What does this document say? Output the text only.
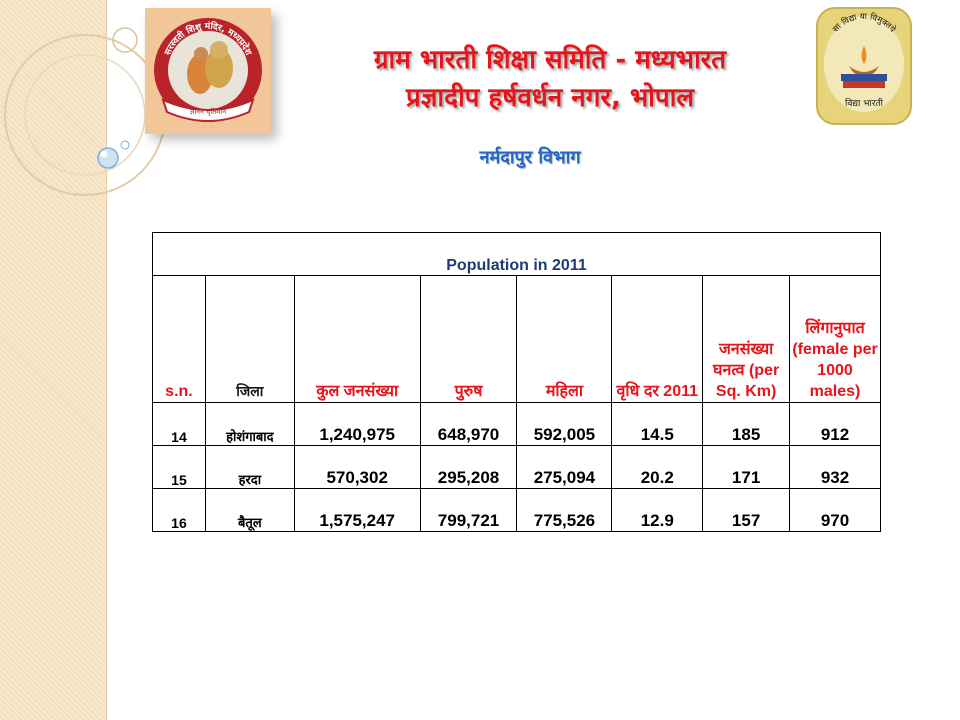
सरस्वती शिशु मंदिर, मध्यप्रदेश
ज्ञानेन धृतिमान
ग्राम भारती शिक्षा समिति - मध्यभारत
प्रज्ञादीप हर्षवर्धन नगर, भोपाल
सा विद्या या विमुक्तये
विद्या भारती
नर्मदापुर विभाग
Population in 2011							
s.n.	जिला	कुल जनसंख्या	पुरुष	महिला	वृधि दर 2011	जनसंख्या घनत्व (per Sq. Km)	लिंगानुपात (female per 1000 males)
14	होशंगाबाद	1,240,975	648,970	592,005	14.5	185	912
15	हरदा	570,302	295,208	275,094	20.2	171	932
16	बैतूल	1,575,247	799,721	775,526	12.9	157	970
